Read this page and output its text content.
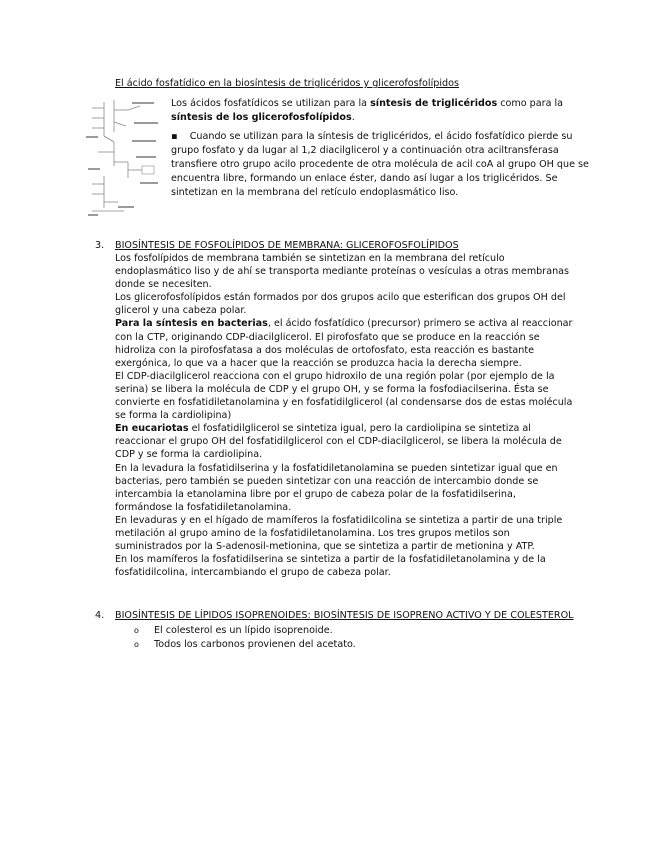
El ácido fosfatídico en la biosíntesis de triglicéridos y glicerofosfolípidos
Los ácidos fosfatídicos se utilizan para la síntesis de triglicéridos como para la síntesis de los glicerofosfolípidos.
▪    Cuando se utilizan para la síntesis de triglicéridos, el ácido fosfatídico pierde su grupo fosfato y da lugar al 1,2 diacilglicerol y a continuación otra aciltransferasa transfiere otro grupo acilo procedente de otra molécula de acil coA al grupo OH que se encuentra libre, formando un enlace éster, dando así lugar a los triglicéridos. Se sintetizan en la membrana del retículo endoplasmático liso.
3. BIOSÍNTESIS DE FOSFOLÍPIDOS DE MEMBRANA: GLICEROFOSFOLÍPIDOS

Los fosfolípidos de membrana también se sintetizan en la membrana del retículo endoplasmático liso y de ahí se transporta mediante proteínas o vesículas a otras membranas donde se necesiten.

Los glicerofosfolípidos están formados por dos grupos acilo que esterifican dos grupos OH del glicerol y una cabeza polar.

Para la síntesis en bacterias, el ácido fosfatídico (precursor) primero se activa al reaccionar con la CTP, originando CDP-diacilglicerol. El pirofosfato que se produce en la reacción se hidroliza con la pirofosfatasa a dos moléculas de ortofosfato, esta reacción es bastante exergónica, lo que va a hacer que la reacción se produzca hacia la derecha siempre.

El CDP-diacilglicerol reacciona con el grupo hidroxilo de una región polar (por ejemplo de la serina) se libera la molécula de CDP y el grupo OH, y se forma la fosfodiacilserina. Ésta se convierte en fosfatidiletanolamina y en fosfatidilglicerol (al condensarse dos de estas molécula se forma la cardiolipina)

En eucariotas el fosfatidilglicerol se sintetiza igual, pero la cardiolipina se sintetiza al reaccionar el grupo OH del fosfatidilglicerol con el CDP-diacilglicerol, se libera la molécula de CDP y se forma la cardiolipina.

En la levadura la fosfatidilserina y la fosfatidiletanolamina se pueden sintetizar igual que en bacterias, pero también se pueden sintetizar con una reacción de intercambio donde se intercambia la etanolamina libre por el grupo de cabeza polar de la fosfatidilserina, formándose la fosfatidiletanolamina.

En levaduras y en el hígado de mamíferos la fosfatidilcolina se sintetiza a partir de una triple metilación al grupo amino de la fosfatidiletanolamina. Los tres grupos metilos son suministrados por la S-adenosil-metionina, que se sintetiza a partir de metionina y ATP.

En los mamíferos la fosfatidilserina se sintetiza a partir de la fosfatidiletanolamina y de la fosfatidilcolina, intercambiando el grupo de cabeza polar.

4. BIOSÍNTESIS DE LÍPIDOS ISOPRENOIDES: BIOSÍNTESIS DE ISOPRENO ACTIVO Y DE COLESTEROL
o El colesterol es un lípido isoprenoide.
o Todos los carbonos provienen del acetato.
